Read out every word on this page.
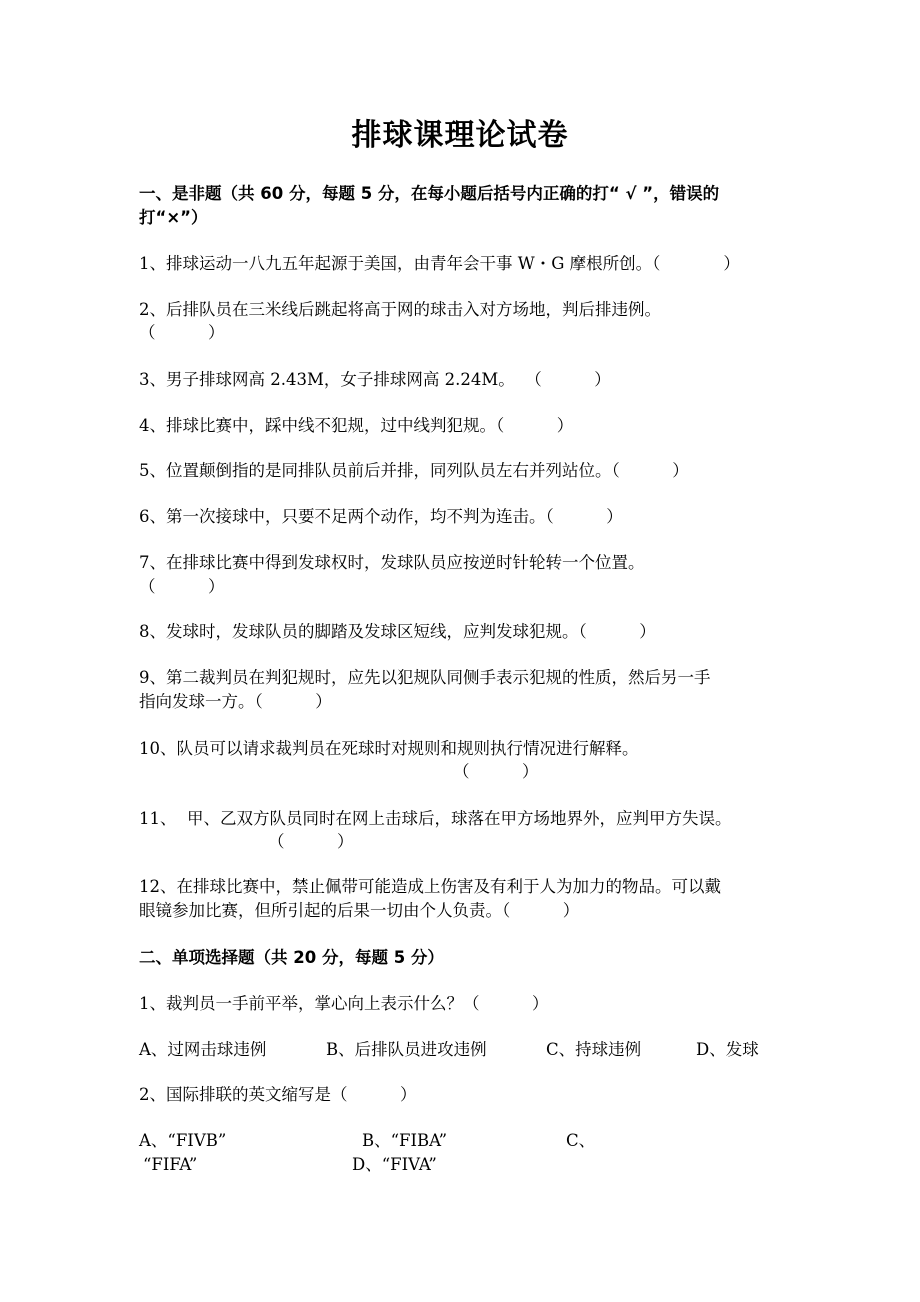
排球课理论试卷
一、是非题（共 60 分，每题 5 分，在每小题后括号内正确的打“ √ ”，错误的
打“×”）
1、排球运动一八九五年起源于美国，由青年会干事 W・G 摩根所创。（            ）
2、后排队员在三米线后跳起将高于网的球击入对方场地，判后排违例。
（          ）
3、男子排球网高 2.43M，女子排球网高 2.24M。  （          ）
4、排球比赛中，踩中线不犯规，过中线判犯规。（          ）
5、位置颠倒指的是同排队员前后并排，同列队员左右并列站位。（          ）
6、第一次接球中，只要不足两个动作，均不判为连击。（          ）
7、在排球比赛中得到发球权时，发球队员应按逆时针轮转一个位置。
（          ）
8、发球时，发球队员的脚踏及发球区短线，应判发球犯规。（          ）
9、第二裁判员在判犯规时，应先以犯规队同侧手表示犯规的性质，然后另一手
指向发球一方。（          ）
10、队员可以请求裁判员在死球时对规则和规则执行情况进行解释。
（          ）
11、  甲、乙双方队员同时在网上击球后，球落在甲方场地界外，应判甲方失误。
（          ）
12、在排球比赛中，禁止佩带可能造成上伤害及有利于人为加力的物品。可以戴
眼镜参加比赛，但所引起的后果一切由个人负责。（          ）
二、单项选择题（共 20 分，每题 5 分）
1、裁判员一手前平举，掌心向上表示什么？（          ）
A、过网击球违例	B、后排队员进攻违例	C、持球违例	D、发球
2、国际排联的英文缩写是（          ）
A、“FIVB”	B、“FIBA”	C、
“FIFA”	D、“FIVA”
